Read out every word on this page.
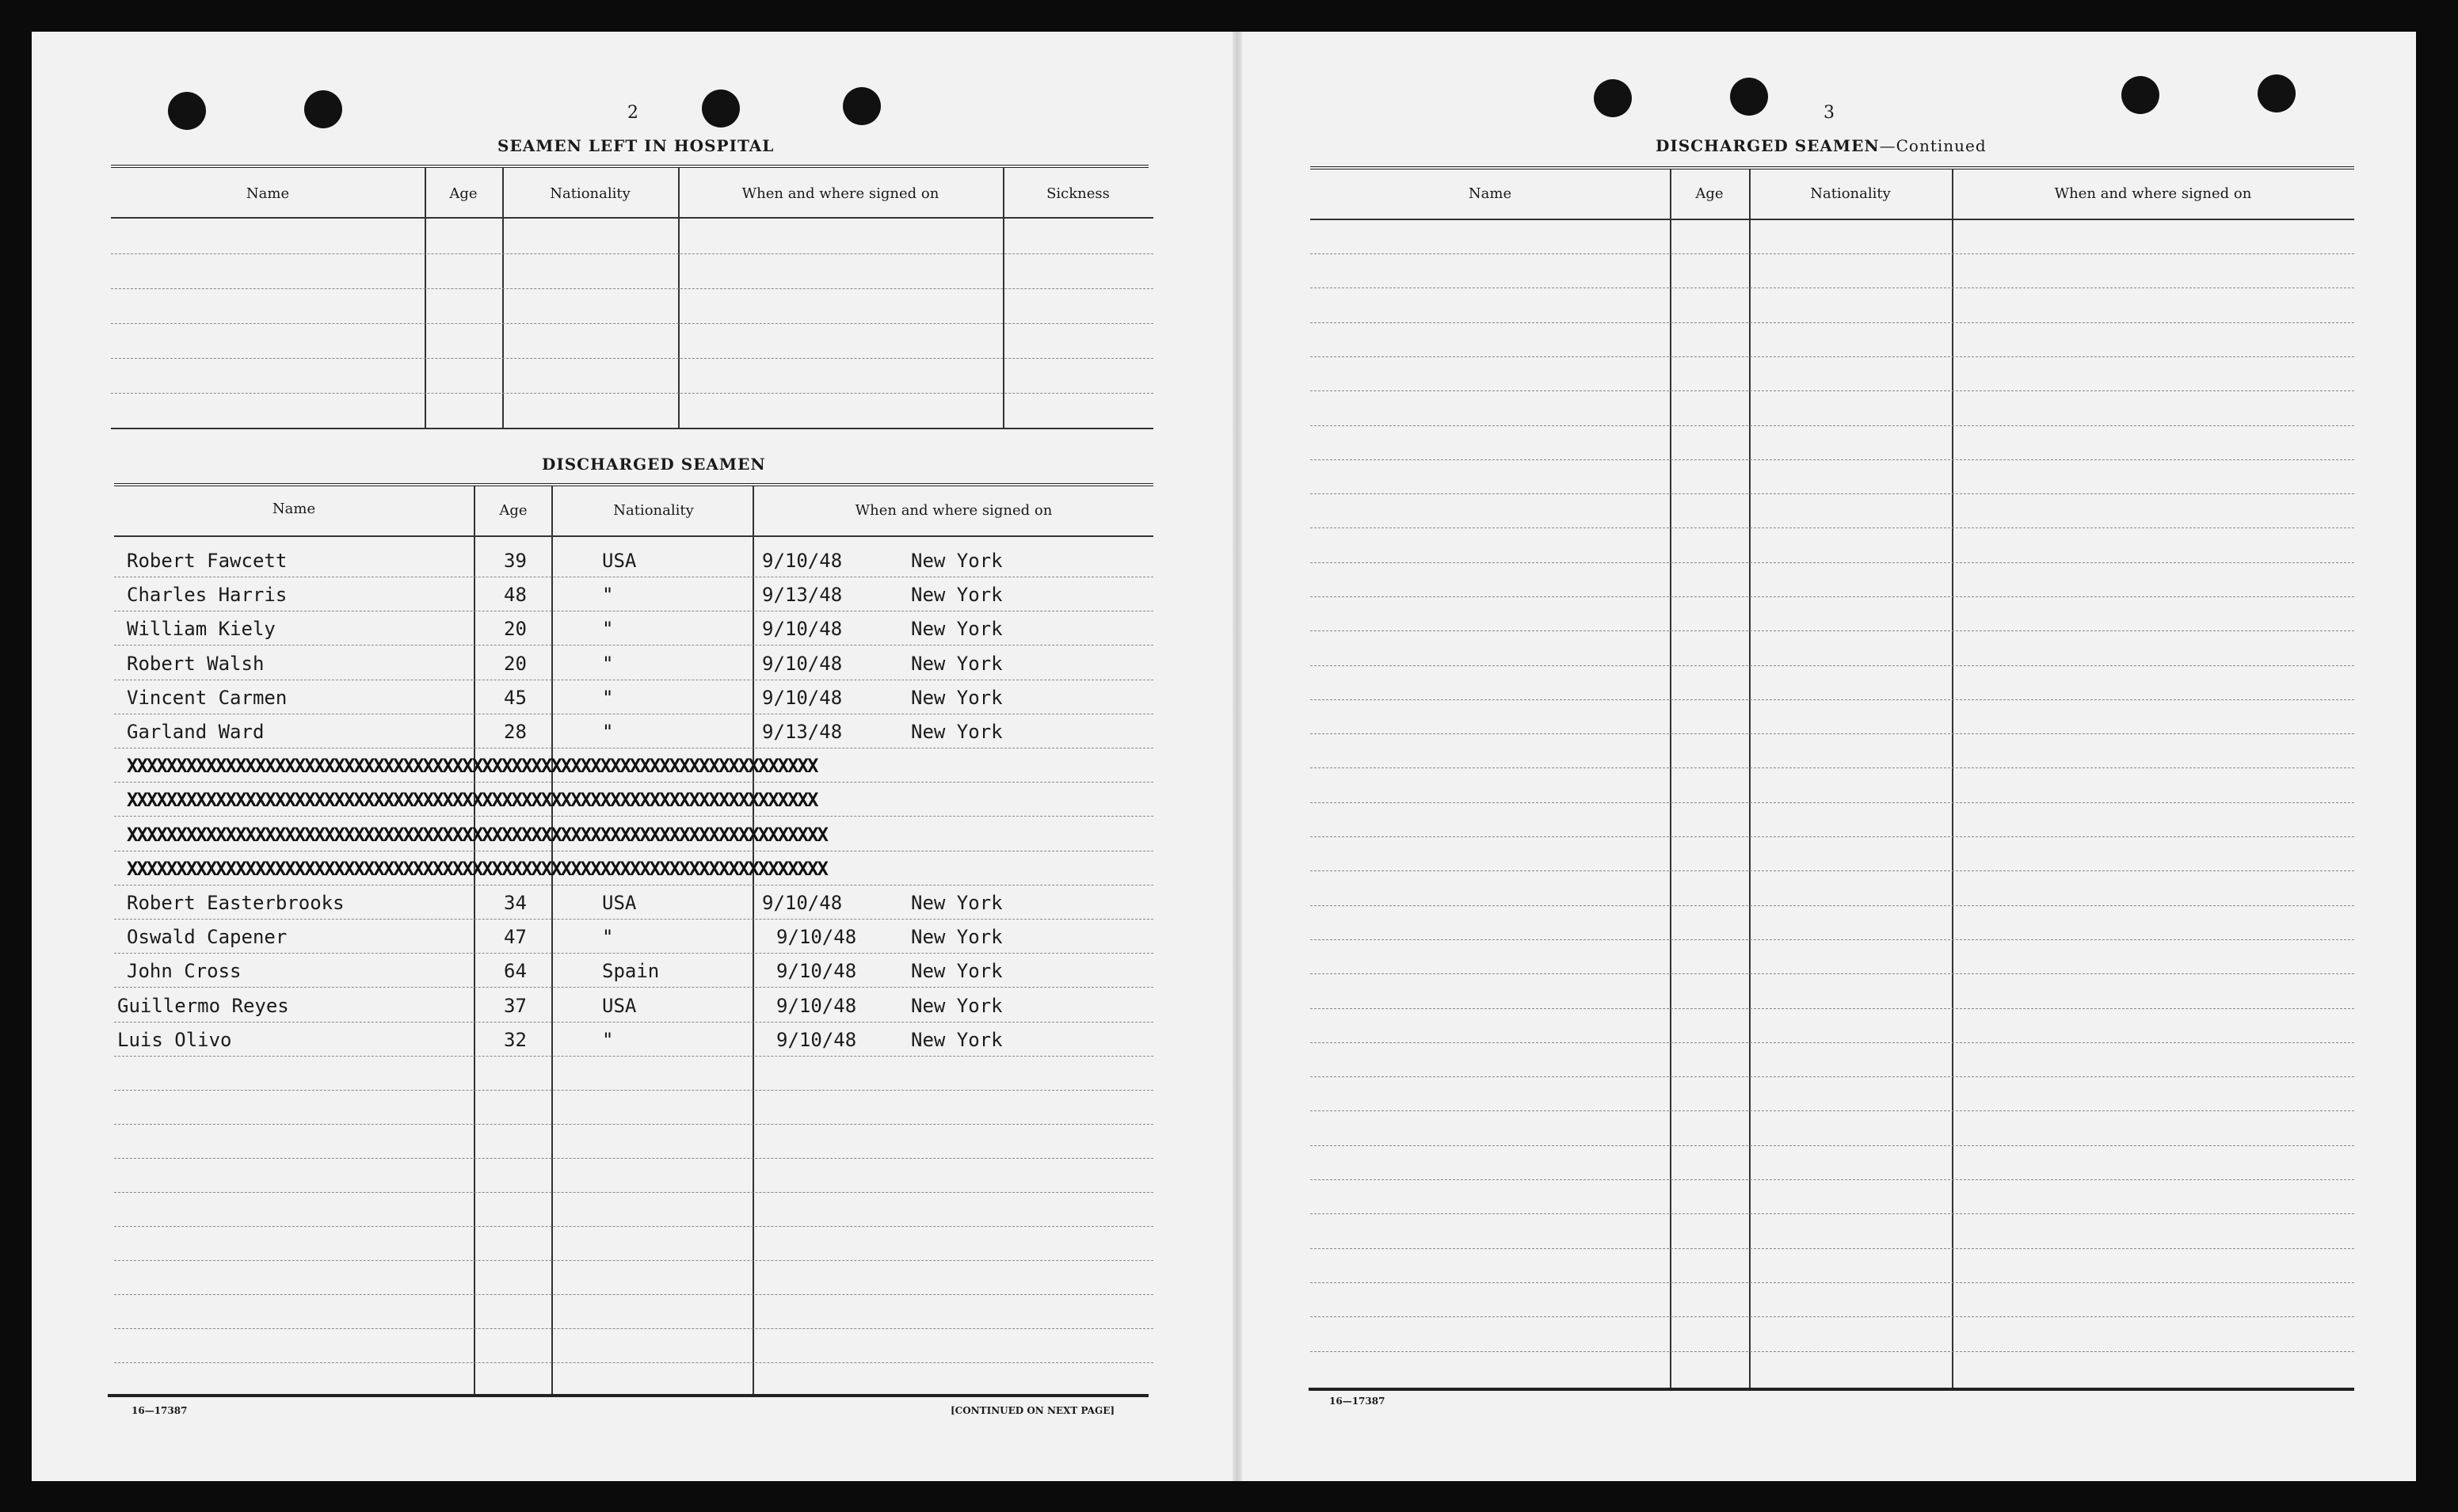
2
SEAMEN LEFT IN HOSPITAL
Name	Age	Nationality	When and where signed on	Sickness
DISCHARGED SEAMEN
Name	Age	Nationality	When and where signed on
Robert Fawcett	39	USA	9/10/48	New York
Charles Harris	48	"	9/13/48	New York
William Kiely	20	"	9/10/48	New York
Robert Walsh	20	"	9/10/48	New York
Vincent Carmen	45	"	9/10/48	New York
Garland Ward	28	"	9/13/48	New York
XXXXXXXXXXXXXXXXXXXXXXXXXXXXXXXXXXXXXXXXXXXXXXXXXXXXXXXXXXXXXXXXXXXXXX
XXXXXXXXXXXXXXXXXXXXXXXXXXXXXXXXXXXXXXXXXXXXXXXXXXXXXXXXXXXXXXXXXXXXXX
XXXXXXXXXXXXXXXXXXXXXXXXXXXXXXXXXXXXXXXXXXXXXXXXXXXXXXXXXXXXXXXXXXXXXXX
XXXXXXXXXXXXXXXXXXXXXXXXXXXXXXXXXXXXXXXXXXXXXXXXXXXXXXXXXXXXXXXXXXXXXXX
Robert Easterbrooks	34	USA	9/10/48	New York
Oswald Capener	47	"	9/10/48	New York
John Cross	64	Spain	9/10/48	New York
Guillermo Reyes	37	USA	9/10/48	New York
Luis Olivo	32	"	9/10/48	New York
16—17387	[CONTINUED ON NEXT PAGE]
3
DISCHARGED SEAMEN—Continued
Name	Age	Nationality	When and where signed on
16—17387
